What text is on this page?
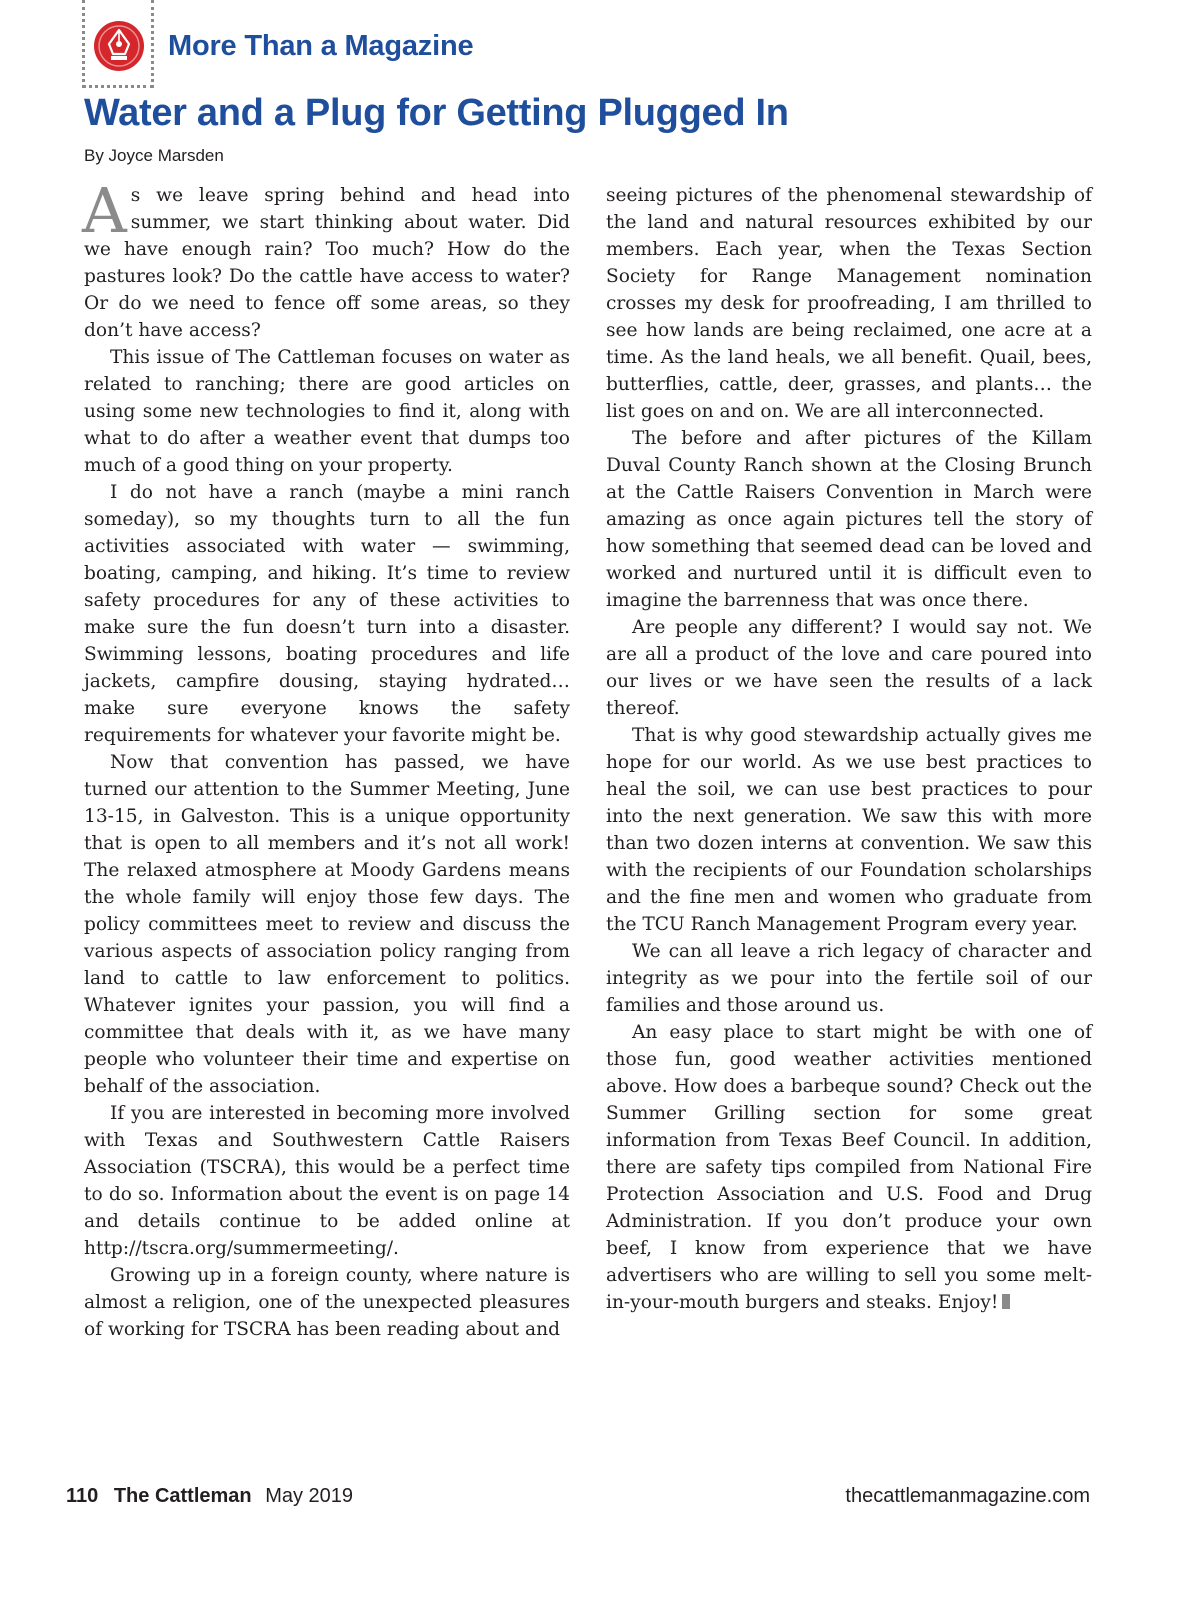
More Than a Magazine
Water and a Plug for Getting Plugged In
By Joyce Marsden

As we leave spring behind and head into summer, we start thinking about water. Did we have enough rain? Too much? How do the pastures look? Do the cattle have access to water? Or do we need to fence off some areas, so they don’t have access?

This issue of The Cattleman focuses on water as related to ranching; there are good articles on using some new technologies to find it, along with what to do after a weather event that dumps too much of a good thing on your property.

I do not have a ranch (maybe a mini ranch someday), so my thoughts turn to all the fun activities associated with water — swimming, boating, camping, and hiking. It’s time to review safety procedures for any of these activities to make sure the fun doesn’t turn into a disaster. Swimming lessons, boating procedures and life jackets, campfire dousing, staying hydrated… make sure everyone knows the safety requirements for whatever your favorite might be.

Now that convention has passed, we have turned our attention to the Summer Meeting, June 13-15, in Galveston. This is a unique opportunity that is open to all members and it’s not all work! The relaxed atmosphere at Moody Gardens means the whole family will enjoy those few days. The policy committees meet to review and discuss the various aspects of association policy ranging from land to cattle to law enforcement to politics. Whatever ignites your passion, you will find a committee that deals with it, as we have many people who volunteer their time and expertise on behalf of the association.

If you are interested in becoming more involved with Texas and Southwestern Cattle Raisers Association (TSCRA), this would be a perfect time to do so. Information about the event is on page 14 and details continue to be added online at http://tscra.org/summermeeting/.

Growing up in a foreign county, where nature is almost a religion, one of the unexpected pleasures of working for TSCRA has been reading about and

seeing pictures of the phenomenal stewardship of the land and natural resources exhibited by our members. Each year, when the Texas Section Society for Range Management nomination crosses my desk for proofreading, I am thrilled to see how lands are being reclaimed, one acre at a time. As the land heals, we all benefit. Quail, bees, butterflies, cattle, deer, grasses, and plants… the list goes on and on. We are all interconnected.

The before and after pictures of the Killam Duval County Ranch shown at the Closing Brunch at the Cattle Raisers Convention in March were amazing as once again pictures tell the story of how something that seemed dead can be loved and worked and nurtured until it is difficult even to imagine the barrenness that was once there.

Are people any different? I would say not. We are all a product of the love and care poured into our lives or we have seen the results of a lack thereof.

That is why good stewardship actually gives me hope for our world. As we use best practices to heal the soil, we can use best practices to pour into the next generation. We saw this with more than two dozen interns at convention. We saw this with the recipients of our Foundation scholarships and the fine men and women who graduate from the TCU Ranch Management Program every year.

We can all leave a rich legacy of character and integrity as we pour into the fertile soil of our families and those around us.

An easy place to start might be with one of those fun, good weather activities mentioned above. How does a barbeque sound? Check out the Summer Grilling section for some great information from Texas Beef Council. In addition, there are safety tips compiled from National Fire Protection Association and U.S. Food and Drug Administration. If you don’t produce your own beef, I know from experience that we have advertisers who are willing to sell you some melt-in-your-mouth burgers and steaks. Enjoy!

110 The Cattleman May 2019	thecattlemanmagazine.com
